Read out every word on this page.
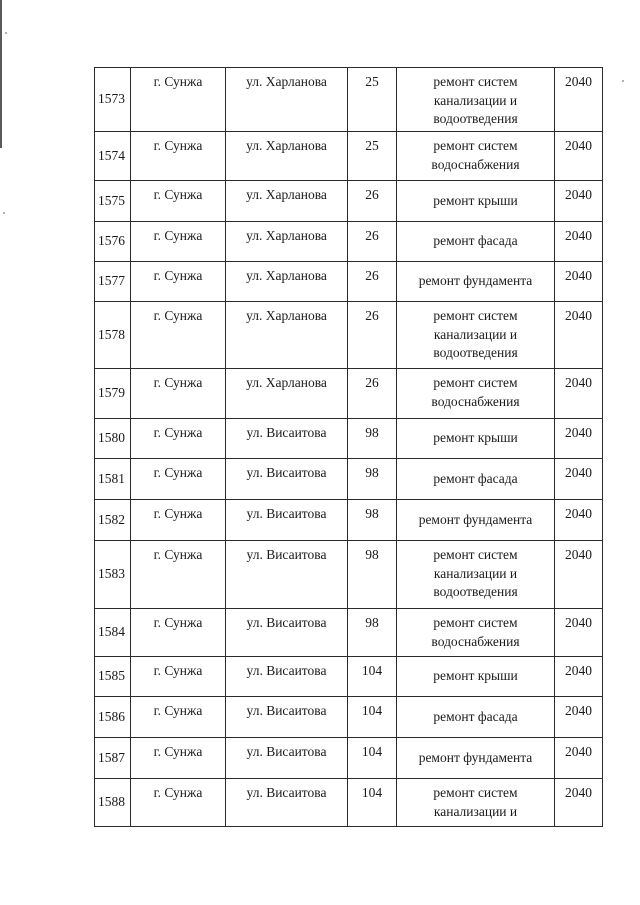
1573	г. Сунжа	ул. Харланова	25	ремонт систем канализации и водоотведения	2040
1574	г. Сунжа	ул. Харланова	25	ремонт систем водоснабжения	2040
1575	г. Сунжа	ул. Харланова	26	ремонт крыши	2040
1576	г. Сунжа	ул. Харланова	26	ремонт фасада	2040
1577	г. Сунжа	ул. Харланова	26	ремонт фундамента	2040
1578	г. Сунжа	ул. Харланова	26	ремонт систем канализации и водоотведения	2040
1579	г. Сунжа	ул. Харланова	26	ремонт систем водоснабжения	2040
1580	г. Сунжа	ул. Висаитова	98	ремонт крыши	2040
1581	г. Сунжа	ул. Висаитова	98	ремонт фасада	2040
1582	г. Сунжа	ул. Висаитова	98	ремонт фундамента	2040
1583	г. Сунжа	ул. Висаитова	98	ремонт систем канализации и водоотведения	2040
1584	г. Сунжа	ул. Висаитова	98	ремонт систем водоснабжения	2040
1585	г. Сунжа	ул. Висаитова	104	ремонт крыши	2040
1586	г. Сунжа	ул. Висаитова	104	ремонт фасада	2040
1587	г. Сунжа	ул. Висаитова	104	ремонт фундамента	2040
1588	г. Сунжа	ул. Висаитова	104	ремонт систем канализации и	2040
